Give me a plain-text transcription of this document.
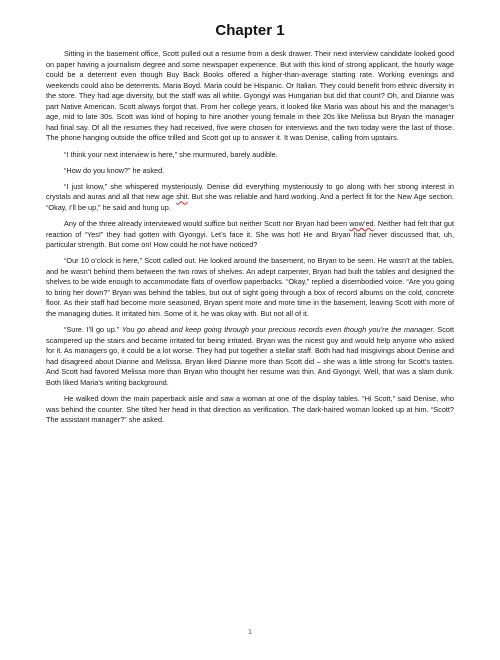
Chapter 1

Sitting in the basement office, Scott pulled out a resume from a desk drawer. Their next interview candidate looked good on paper having a journalism degree and some newspaper experience. But with this kind of strong applicant, the hourly wage could be a deterrent even though Buy Back Books offered a higher-than-average starting rate. Working evenings and weekends could also be deterrents. Maria Boyd. Maria could be Hispanic. Or Italian. They could benefit from ethnic diversity in the store. They had age diversity, but the staff was all white. Gyongyi was Hungarian but did that count? Oh, and Dianne was part Native American. Scott always forgot that. From her college years, it looked like Maria was about his and the manager’s age, mid to late 30s. Scott was kind of hoping to hire another young female in their 20s like Melissa but Bryan the manager had final say. Of all the resumes they had received, five were chosen for interviews and the two today were the last of those. The phone hanging outside the office trilled and Scott got up to answer it. It was Denise, calling from upstairs.

“I think your next interview is here,” she murmured, barely audible.

“How do you know?” he asked.

“I just know,” she whispered mysteriously. Denise did everything mysteriously to go along with her strong interest in crystals and auras and all that new age shit. But she was reliable and hard working. And a perfect fit for the New Age section. “Okay, I’ll be up,” he said and hung up.

Any of the three already interviewed would suffice but neither Scott nor Bryan had been wow’ed. Neither had felt that gut reaction of “Yes!” they had gotten with Gyongyi. Let’s face it. She was hot! He and Bryan had never discussed that, uh, particular strength. But come on! How could he not have noticed?

“Our 10 o’clock is here,” Scott called out. He looked around the basement, no Bryan to be seen. He wasn’t at the tables, and he wasn’t behind them between the two rows of shelves. An adept carpenter, Bryan had built the tables and designed the shelves to be wide enough to accommodate flats of overflow paperbacks. “Okay,” replied a disembodied voice. “Are you going to bring her down?” Bryan was behind the tables, but out of sight going through a box of record albums on the cold, concrete floor. As their staff had become more seasoned, Bryan spent more and more time in the basement, leaving Scott with more of the managing duties. It irritated him. Some of it, he was okay with. But not all of it.

“Sure. I’ll go up.” You go ahead and keep going through your precious records even though you’re the manager. Scott scampered up the stairs and became irritated for being irritated. Bryan was the nicest guy and would help anyone who asked for it. As managers go, it could be a lot worse. They had put together a stellar staff. Both had had misgivings about Denise and had disagreed about Dianne and Melissa. Bryan liked Dianne more than Scott did – she was a little strong for Scott’s tastes. And Scott had favored Melissa more than Bryan who thought her resume was thin. And Gyongyi. Well, that was a slam dunk. Both liked Maria’s writing background.

He walked down the main paperback aisle and saw a woman at one of the display tables. “Hi Scott,” said Denise, who was behind the counter. She tilted her head in that direction as verification. The dark-haired woman looked up at him. “Scott? The assistant manager?” she asked.

1
